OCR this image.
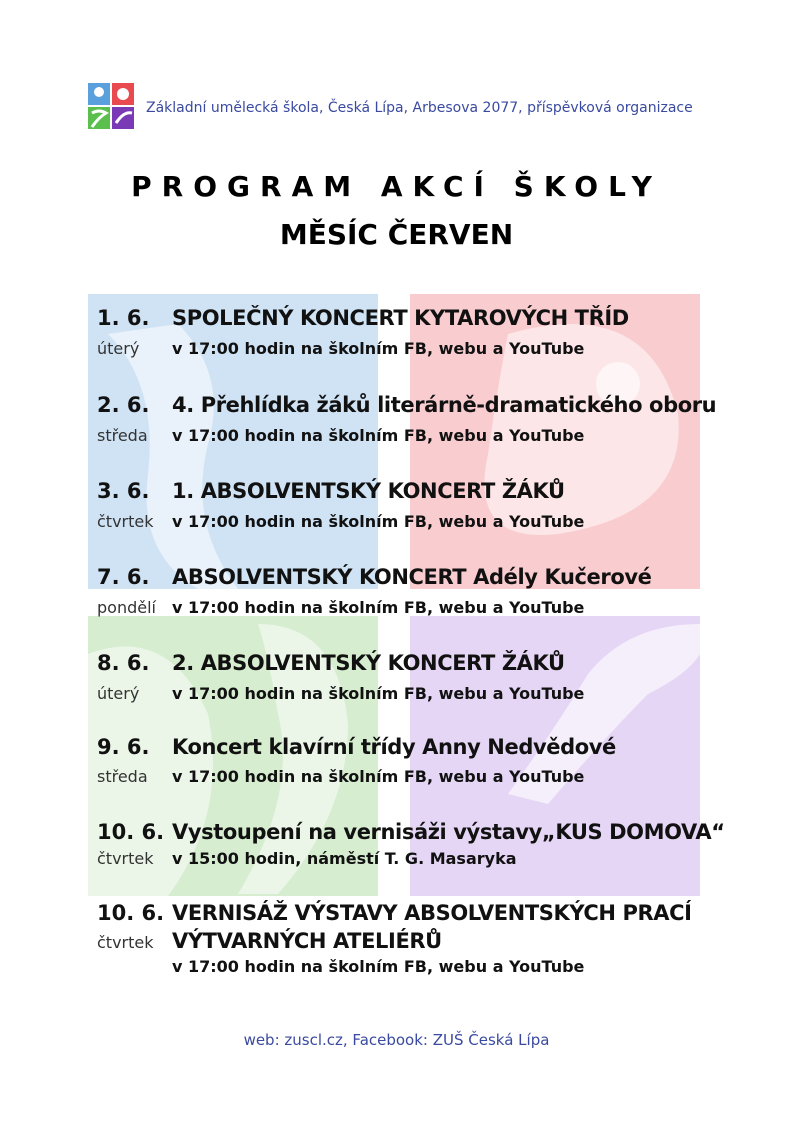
Základní umělecká škola, Česká Lípa, Arbesova 2077, příspěvková organizace
PROGRAM AKCÍ ŠKOLY
MĚSÍC ČERVEN
1. 6. SPOLEČNÝ KONCERT KYTAROVÝCH TŘÍD
úterý v 17:00 hodin na školním FB, webu a YouTube
2. 6. 4. Přehlídka žáků literárně-dramatického oboru
středa v 17:00 hodin na školním FB, webu a YouTube
3. 6. 1. ABSOLVENTSKÝ KONCERT ŽÁKŮ
čtvrtek v 17:00 hodin na školním FB, webu a YouTube
7. 6. ABSOLVENTSKÝ KONCERT Adély Kučerové
pondělí v 17:00 hodin na školním FB, webu a YouTube
8. 6. 2. ABSOLVENTSKÝ KONCERT ŽÁKŮ
úterý v 17:00 hodin na školním FB, webu a YouTube
9. 6. Koncert klavírní třídy Anny Nedvědové
středa v 17:00 hodin na školním FB, webu a YouTube
10. 6. Vystoupení na vernisáži výstavy„KUS DOMOVA“
čtvrtek v 15:00 hodin, náměstí T. G. Masaryka
10. 6. VERNISÁŽ VÝSTAVY ABSOLVENTSKÝCH PRACÍ
čtvrtek VÝTVARNÝCH ATELIÉRŮ
v 17:00 hodin na školním FB, webu a YouTube
web: zuscl.cz, Facebook: ZUŠ Česká Lípa
